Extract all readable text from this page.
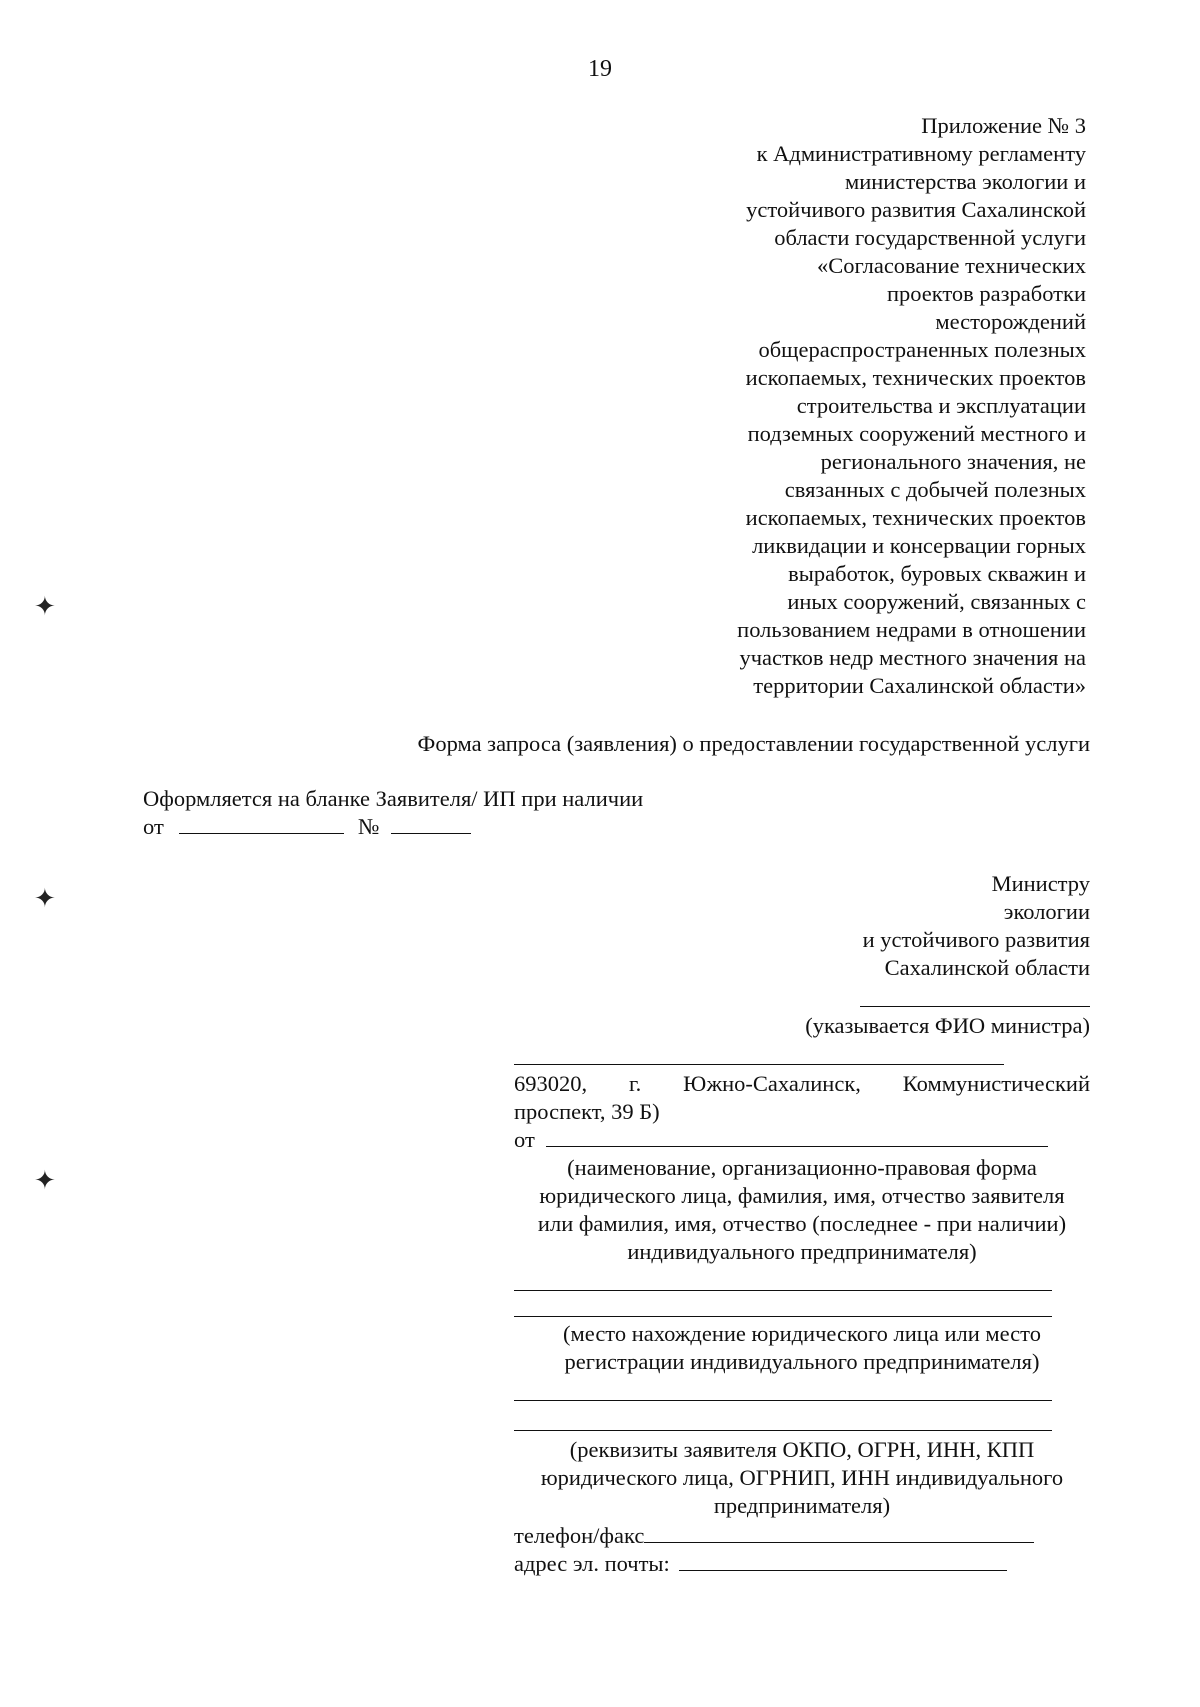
19
Приложение № 3
к Административному регламенту
министерства экологии и
устойчивого развития Сахалинской
области государственной услуги
«Согласование технических
проектов разработки
месторождений
общераспространенных полезных
ископаемых, технических проектов
строительства и эксплуатации
подземных сооружений местного и
регионального значения, не
связанных с добычей полезных
ископаемых, технических проектов
ликвидации и консервации горных
выработок, буровых скважин и
иных сооружений, связанных с
пользованием недрами в отношении
участков недр местного значения на
территории Сахалинской области»
Форма запроса (заявления) о предоставлении государственной услуги
Оформляется на бланке Заявителя/ ИП при наличии
от	№
Министру
экологии
и устойчивого развития
Сахалинской области
(указывается ФИО министра)
693020, г. Южно-Сахалинск, Коммунистический
проспект, 39 Б)
от
(наименование, организационно-правовая форма
юридического лица, фамилия, имя, отчество заявителя
или фамилия, имя, отчество (последнее - при наличии)
индивидуального предпринимателя)
(место нахождение юридического лица или место
регистрации индивидуального предпринимателя)
(реквизиты заявителя ОКПО, ОГРН, ИНН, КПП
юридического лица, ОГРНИП, ИНН индивидуального
предпринимателя)
телефон/факс
адрес эл. почты:
✦
✦
✦
